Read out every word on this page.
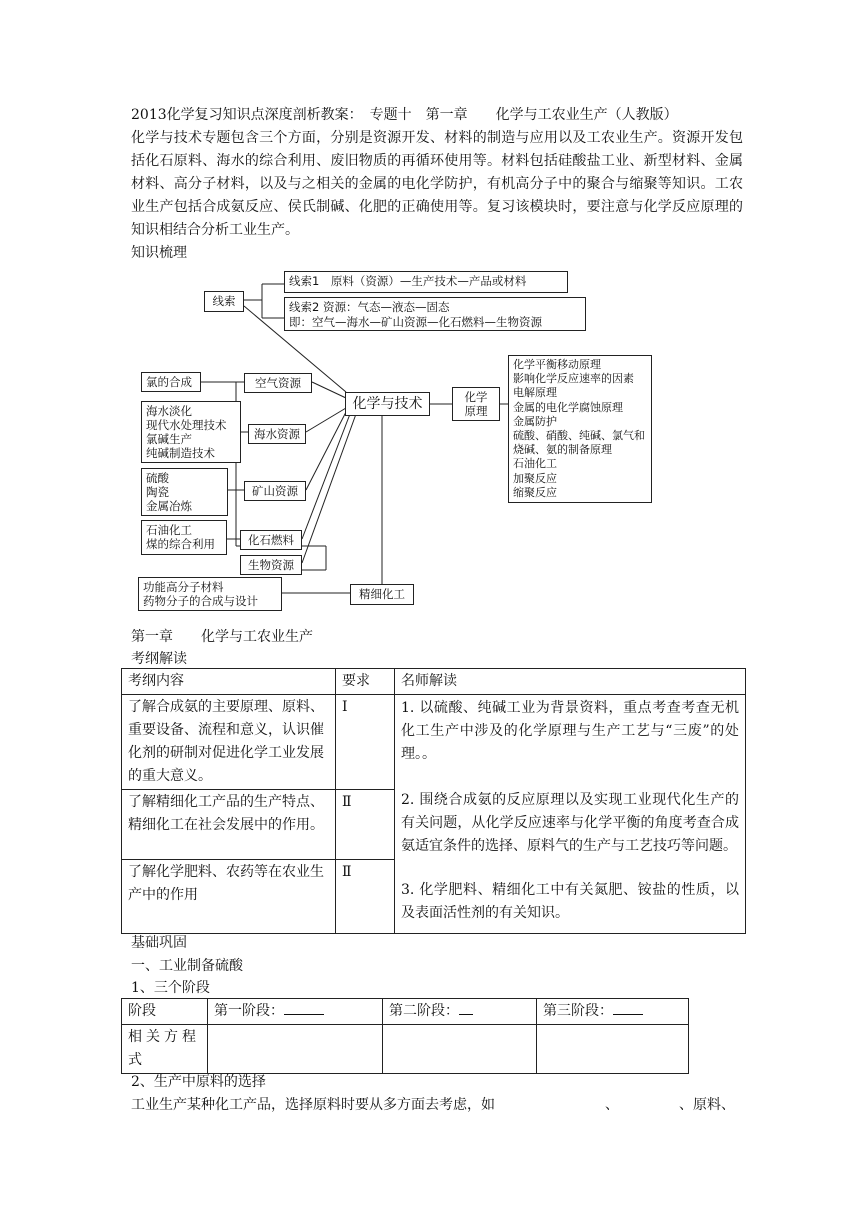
2013化学复习知识点深度剖析教案：　专题十　第一章　　化学与工农业生产（人教版）
化学与技术专题包含三个方面，分别是资源开发、材料的制造与应用以及工农业生产。资源开发包括化石原料、海水的综合利用、废旧物质的再循环使用等。材料包括硅酸盐工业、新型材料、金属材料、高分子材料，以及与之相关的金属的电化学防护，有机高分子中的聚合与缩聚等知识。工农业生产包括合成氨反应、侯氏制碱、化肥的正确使用等。复习该模块时，要注意与化学反应原理的知识相结合分析工业生产。
知识梳理
线索
线索1　原料（资源）—生产技术—产品或材料
线索2 资源：气态—液态—固态
即：空气—海水—矿山资源—化石燃料—生物资源
化学与技术	化学
原理
化学平衡移动原理
影响化学反应速率的因素
电解原理
金属的电化学腐蚀原理
金属防护
硫酸、硝酸、纯碱、氯气和
烧碱、氨的制备原理
石油化工
加聚反应
缩聚反应
空气资源
海水资源
矿山资源
化石燃料
生物资源
精细化工
氯的合成
海水淡化
现代水处理技术
氯碱生产
纯碱制造技术
硫酸
陶瓷
金属冶炼
石油化工
煤的综合利用
功能高分子材料
药物分子的合成与设计
第一章　　化学与工农业生产
考纲解读
考纲内容	要求	名师解读
了解合成氨的主要原理、原料、重要设备、流程和意义，认识催化剂的研制对促进化学工业发展的重大意义。	Ⅰ	1. 以硫酸、纯碱工业为背景资料，重点考查考查无机化工生产中涉及的化学原理与生产工艺与“三废”的处理。。
2. 围绕合成氨的反应原理以及实现工业现代化生产的有关问题，从化学反应速率与化学平衡的角度考查合成氨适宜条件的选择、原料气的生产与工艺技巧等问题。
3. 化学肥料、精细化工中有关氮肥、铵盐的性质，以及表面活性剂的有关知识。

了解精细化工产品的生产特点、精细化工在社会发展中的作用。	Ⅱ	
了解化学肥料、农药等在农业生产中的作用	Ⅱ	
基础巩固
一、工业制备硫酸
1、三个阶段
阶段	第一阶段：	第二阶段：	第三阶段：
相关方程式			
2、生产中原料的选择
工业生产某种化工产品，选择原料时要从多方面去考虑，如	、	、原料、
